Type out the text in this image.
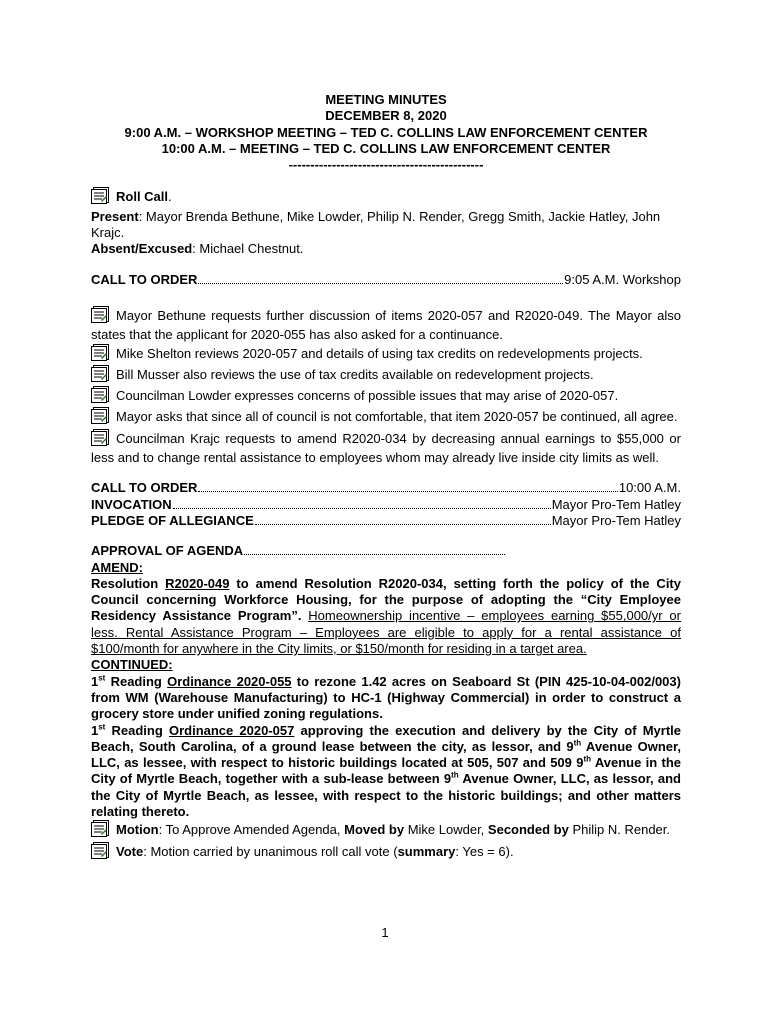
MEETING MINUTES
DECEMBER 8, 2020
9:00 A.M. – WORKSHOP MEETING – TED C. COLLINS LAW ENFORCEMENT CENTER
10:00 A.M. – MEETING – TED C. COLLINS LAW ENFORCEMENT CENTER
---------------------------------------------

Roll Call.

Present: Mayor Brenda Bethune, Mike Lowder, Philip N. Render, Gregg Smith, Jackie Hatley, John Krajc.

Absent/Excused: Michael Chestnut.

CALL TO ORDER	9:05 A.M. Workshop

Mayor Bethune requests further discussion of items 2020-057 and R2020-049. The Mayor also states that the applicant for 2020-055 has also asked for a continuance.

Mike Shelton reviews 2020-057 and details of using tax credits on redevelopments projects.

Bill Musser also reviews the use of tax credits available on redevelopment projects.

Councilman Lowder expresses concerns of possible issues that may arise of 2020-057.

Mayor asks that since all of council is not comfortable, that item 2020-057 be continued, all agree.

Councilman Krajc requests to amend R2020-034 by decreasing annual earnings to $55,000 or less and to change rental assistance to employees whom may already live inside city limits as well.

CALL TO ORDER	10:00 A.M.
INVOCATION	Mayor Pro-Tem Hatley
PLEDGE OF ALLEGIANCE	Mayor Pro-Tem Hatley
APPROVAL OF AGENDA

AMEND:

Resolution R2020-049 to amend Resolution R2020-034, setting forth the policy of the City Council concerning Workforce Housing, for the purpose of adopting the “City Employee Residency Assistance Program”. Homeownership incentive – employees earning $55,000/yr or less. Rental Assistance Program – Employees are eligible to apply for a rental assistance of $100/month for anywhere in the City limits, or $150/month for residing in a target area.

CONTINUED:

1st Reading Ordinance 2020-055 to rezone 1.42 acres on Seaboard St (PIN 425-10-04-002/003) from WM (Warehouse Manufacturing) to HC-1 (Highway Commercial) in order to construct a grocery store under unified zoning regulations.

1st Reading Ordinance 2020-057 approving the execution and delivery by the City of Myrtle Beach, South Carolina, of a ground lease between the city, as lessor, and 9th Avenue Owner, LLC, as lessee, with respect to historic buildings located at 505, 507 and 509 9th Avenue in the City of Myrtle Beach, together with a sub-lease between 9th Avenue Owner, LLC, as lessor, and the City of Myrtle Beach, as lessee, with respect to the historic buildings; and other matters relating thereto.

Motion: To Approve Amended Agenda, Moved by Mike Lowder, Seconded by Philip N. Render.

Vote: Motion carried by unanimous roll call vote (summary: Yes = 6).

1
